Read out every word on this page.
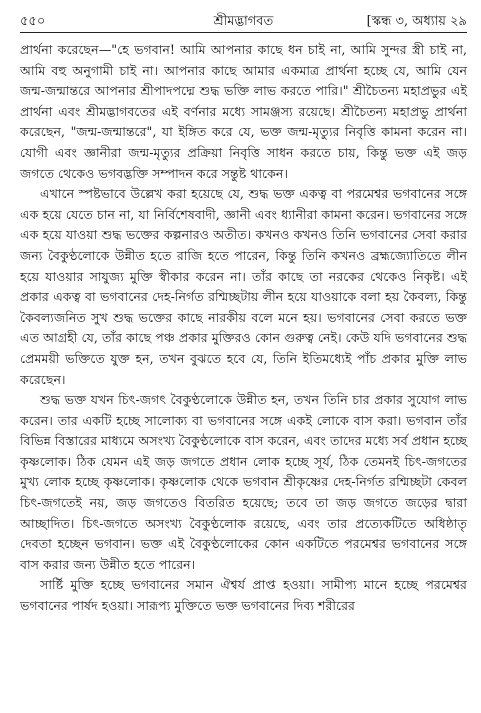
শ্রীমদ্ভাগবত
৫৫০	[স্কন্ধ ৩, অধ্যায় ২৯

প্রার্থনা করেছেন—"হে ভগবান! আমি আপনার কাছে ধন চাই না, আমি সুন্দর স্ত্রী চাই না, আমি বহু অনুগামী চাই না। আপনার কাছে আমার একমাত্র প্রার্থনা হচ্ছে যে, আমি যেন জন্ম-জন্মান্তরে আপনার শ্রীপাদপদ্মে শুদ্ধ ভক্তি লাভ করতে পারি।" শ্রীচৈতন্য মহাপ্রভুর এই প্রার্থনা এবং শ্রীমদ্ভাগবতের এই বর্ণনার মধ্যে সামঞ্জস্য রয়েছে। শ্রীচৈতন্য মহাপ্রভু প্রার্থনা করেছেন, "জন্ম-জন্মান্তরে", যা ইঙ্গিত করে যে, ভক্ত জন্ম-মৃত্যুর নিবৃত্তি কামনা করেন না। যোগী এবং জ্ঞানীরা জন্ম-মৃত্যুর প্রক্রিয়া নিবৃত্তি সাধন করতে চায়, কিন্তু ভক্ত এই জড় জগতে থেকেও ভগবদ্ভক্তি সম্পাদন করে সন্তুষ্ট থাকেন।

এখানে স্পষ্টভাবে উল্লেখ করা হয়েছে যে, শুদ্ধ ভক্ত একত্ব বা পরমেশ্বর ভগবানের সঙ্গে এক হয়ে যেতে চান না, যা নির্বিশেষবাদী, জ্ঞানী এবং ধ্যানীরা কামনা করেন। ভগবানের সঙ্গে এক হয়ে যাওয়া শুদ্ধ ভক্তের কল্পনারও অতীত। কখনও কখনও তিনি ভগবানের সেবা করার জন্য বৈকুণ্ঠলোকে উন্নীত হতে রাজি হতে পারেন, কিন্তু তিনি কখনও ব্রহ্মজ্যোতিতে লীন হয়ে যাওয়ার সাযুজ্য মুক্তি স্বীকার করেন না। তাঁর কাছে তা নরকের থেকেও নিকৃষ্ট। এই প্রকার একত্ব বা ভগবানের দেহ-নির্গত রশ্মিচ্ছটায় লীন হয়ে যাওয়াকে বলা হয় কৈবল্য, কিন্তু কৈবল্যজনিত সুখ শুদ্ধ ভক্তের কাছে নারকীয় বলে মনে হয়। ভগবানের সেবা করতে ভক্ত এত আগ্রহী যে, তাঁর কাছে পঞ্চ প্রকার মুক্তিরও কোন গুরুত্ব নেই। কেউ যদি ভগবানের শুদ্ধ প্রেমময়ী ভক্তিতে যুক্ত হন, তখন বুঝতে হবে যে, তিনি ইতিমধ্যেই পাঁচ প্রকার মুক্তি লাভ করেছেন।

শুদ্ধ ভক্ত যখন চিৎ-জগৎ বৈকুণ্ঠলোকে উন্নীত হন, তখন তিনি চার প্রকার সুযোগ লাভ করেন। তার একটি হচ্ছে সালোক্য বা ভগবানের সঙ্গে একই লোকে বাস করা। ভগবান তাঁর বিভিন্ন বিস্তারের মাধ্যমে অসংখ্য বৈকুণ্ঠলোকে বাস করেন, এবং তাদের মধ্যে সর্ব প্রধান হচ্ছে কৃষ্ণলোক। ঠিক যেমন এই জড় জগতে প্রধান লোক হচ্ছে সূর্য, ঠিক তেমনই চিৎ-জগতের মুখ্য লোক হচ্ছে কৃষ্ণলোক। কৃষ্ণলোক থেকে ভগবান শ্রীকৃষ্ণের দেহ-নির্গত রশ্মিচ্ছটা কেবল চিৎ-জগতেই নয়, জড় জগতেও বিতরিত হয়েছে; তবে তা জড় জগতে জড়ের দ্বারা আচ্ছাদিত। চিৎ-জগতে অসংখ্য বৈকুণ্ঠলোক রয়েছে, এবং তার প্রত্যেকটিতে অধিষ্ঠাতৃ দেবতা হচ্ছেন ভগবান। ভক্ত এই বৈকুণ্ঠলোকের কোন একটিতে পরমেশ্বর ভগবানের সঙ্গে বাস করার জন্য উন্নীত হতে পারেন।

সার্ষ্টি মুক্তি হচ্ছে ভগবানের সমান ঐশ্বর্য প্রাপ্ত হওয়া। সামীপ্য মানে হচ্ছে পরমেশ্বর ভগবানের পার্ষদ হওয়া। সারূপ্য মুক্তিতে ভক্ত ভগবানের দিব্য শরীরের
